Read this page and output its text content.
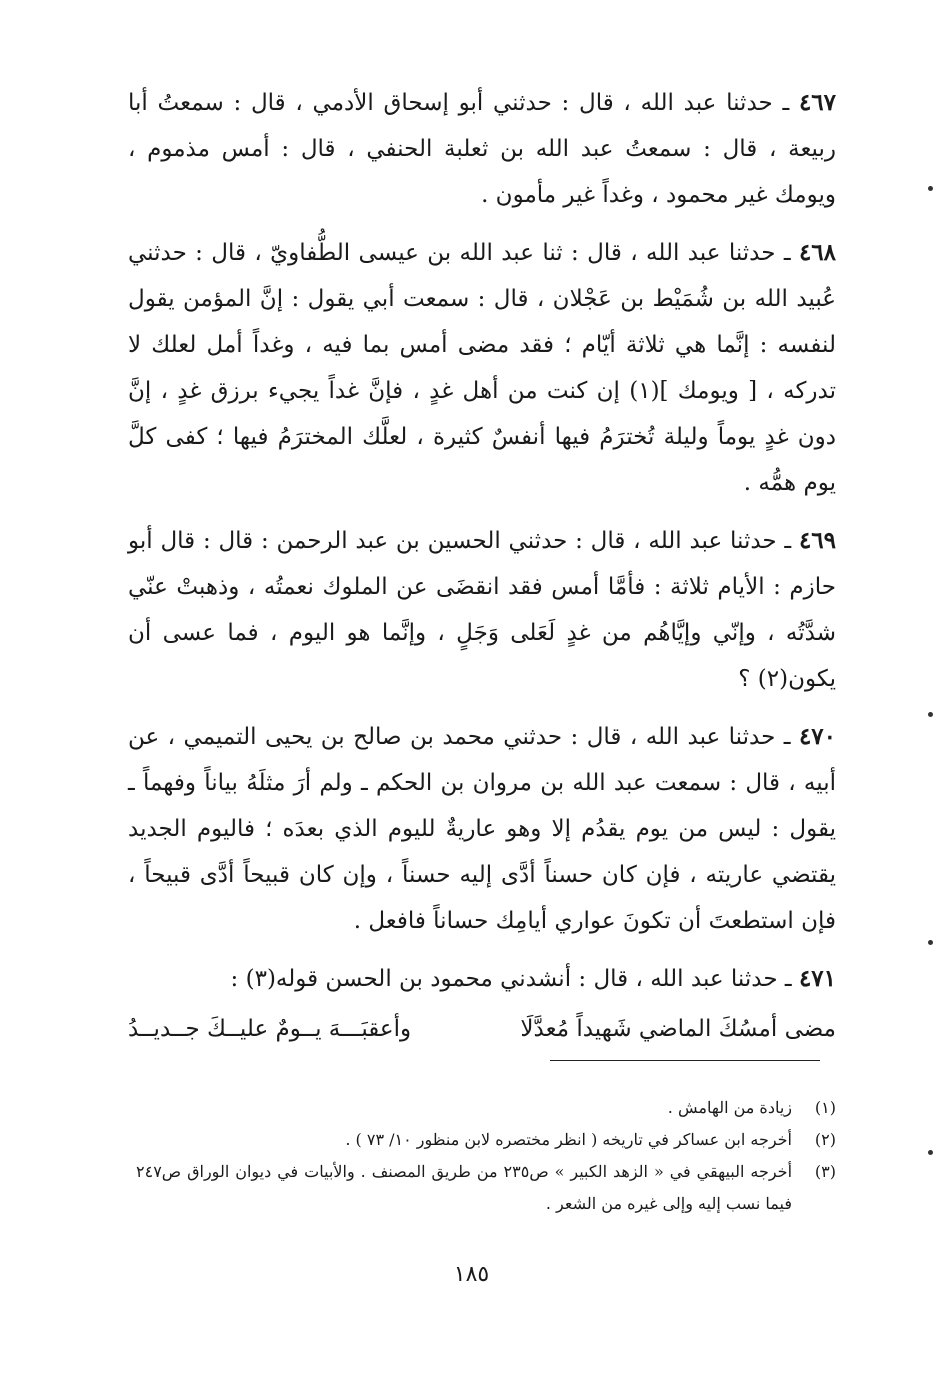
٤٦٧ ـ حدثنا عبد الله ، قال : حدثني أبو إسحاق الأدمي ، قال : سمعتُ أبا ربيعة ، قال : سمعتُ عبد الله بن ثعلبة الحنفي ، قال : أمس مذموم ، ويومك غير محمود ، وغداً غير مأمون .

٤٦٨ ـ حدثنا عبد الله ، قال : ثنا عبد الله بن عيسى الطُّفاويّ ، قال : حدثني عُبيد الله بن شُمَيْط بن عَجْلان ، قال : سمعت أبي يقول : إنَّ المؤمن يقول لنفسه : إنَّما هي ثلاثة أيّام ؛ فقد مضى أمس بما فيه ، وغداً أمل لعلك لا تدركه ، [ ويومك ](١) إن كنت من أهل غدٍ ، فإنَّ غداً يجيء برزق غدٍ ، إنَّ دون غدٍ يوماً وليلة تُخترَمُ فيها أنفسٌ كثيرة ، لعلَّك المخترَمُ فيها ؛ كفى كلَّ يوم همُّه .

٤٦٩ ـ حدثنا عبد الله ، قال : حدثني الحسين بن عبد الرحمن : قال : قال أبو حازم : الأيام ثلاثة : فأمَّا أمس فقد انقضَى عن الملوك نعمتُه ، وذهبتْ عنّي شدَّتُه ، وإنّي وإيَّاهُم من غدٍ لَعَلى وَجَلٍ ، وإنَّما هو اليوم ، فما عسى أن يكون(٢) ؟

٤٧٠ ـ حدثنا عبد الله ، قال : حدثني محمد بن صالح بن يحيى التميمي ، عن أبيه ، قال : سمعت عبد الله بن مروان بن الحكم ـ ولم أرَ مثلَهُ بياناً وفهماً ـ يقول : ليس من يوم يقدُم إلا وهو عاريةٌ لليوم الذي بعدَه ؛ فاليوم الجديد يقتضي عاريته ، فإن كان حسناً أدَّى إليه حسناً ، وإن كان قبيحاً أدَّى قبيحاً ، فإن استطعتَ أن تكونَ عواري أيامِك حساناً فافعل .

٤٧١ ـ حدثنا عبد الله ، قال : أنشدني محمود بن الحسن قوله(٣) :

مضى أمسُكَ الماضي شَهيداً مُعدَّلَا
وأعقبَـــهَ يــومٌ عليــكَ جــديــدُ
(١)
زيادة من الهامش .
(٢)
أخرجه ابن عساكر في تاريخه ( انظر مختصره لابن منظور ١٠/ ٧٣ ) .
(٣)
أخرجه البيهقي في « الزهد الكبير » ص٢٣٥ من طريق المصنف . والأبيات في ديوان الوراق ص٢٤٧ فيما نسب إليه وإلى غيره من الشعر .
١٨٥
